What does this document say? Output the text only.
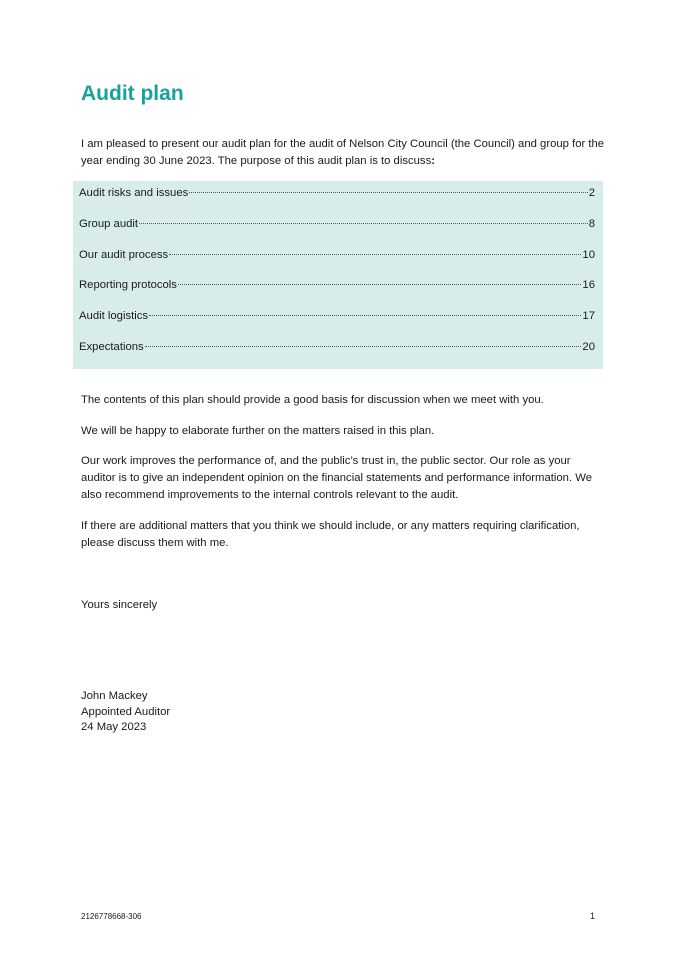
Audit plan

I am pleased to present our audit plan for the audit of Nelson City Council (the Council) and group for the year ending 30 June 2023. The purpose of this audit plan is to discuss:

Audit risks and issues	2
Group audit	8
Our audit process	10
Reporting protocols	16
Audit logistics	17
Expectations	20

The contents of this plan should provide a good basis for discussion when we meet with you.

We will be happy to elaborate further on the matters raised in this plan.

Our work improves the performance of, and the public’s trust in, the public sector. Our role as your auditor is to give an independent opinion on the financial statements and performance information. We also recommend improvements to the internal controls relevant to the audit.

If there are additional matters that you think we should include, or any matters requiring clarification, please discuss them with me.

Yours sincerely

John Mackey
Appointed Auditor
24 May 2023
2126778668-306	1
